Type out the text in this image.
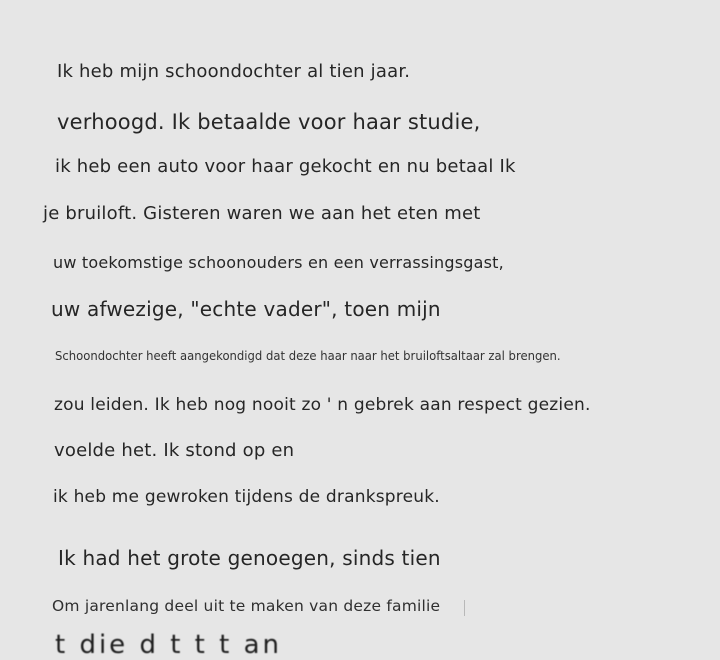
Ik heb mijn schoondochter al tien jaar.

verhoogd. Ik betaalde voor haar studie,

ik heb een auto voor haar gekocht en nu betaal Ik

je bruiloft. Gisteren waren we aan het eten met

uw toekomstige schoonouders en een verrassingsgast,

uw afwezige, "echte vader", toen mijn

Schoondochter heeft aangekondigd dat deze haar naar het bruiloftsaltaar zal brengen.

zou leiden. Ik heb nog nooit zo ' n gebrek aan respect gezien.

voelde het. Ik stond op en

ik heb me gewroken tijdens de drankspreuk.

Ik had het grote genoegen, sinds tien

Om jarenlang deel uit te maken van deze familie

t die d t t t an
